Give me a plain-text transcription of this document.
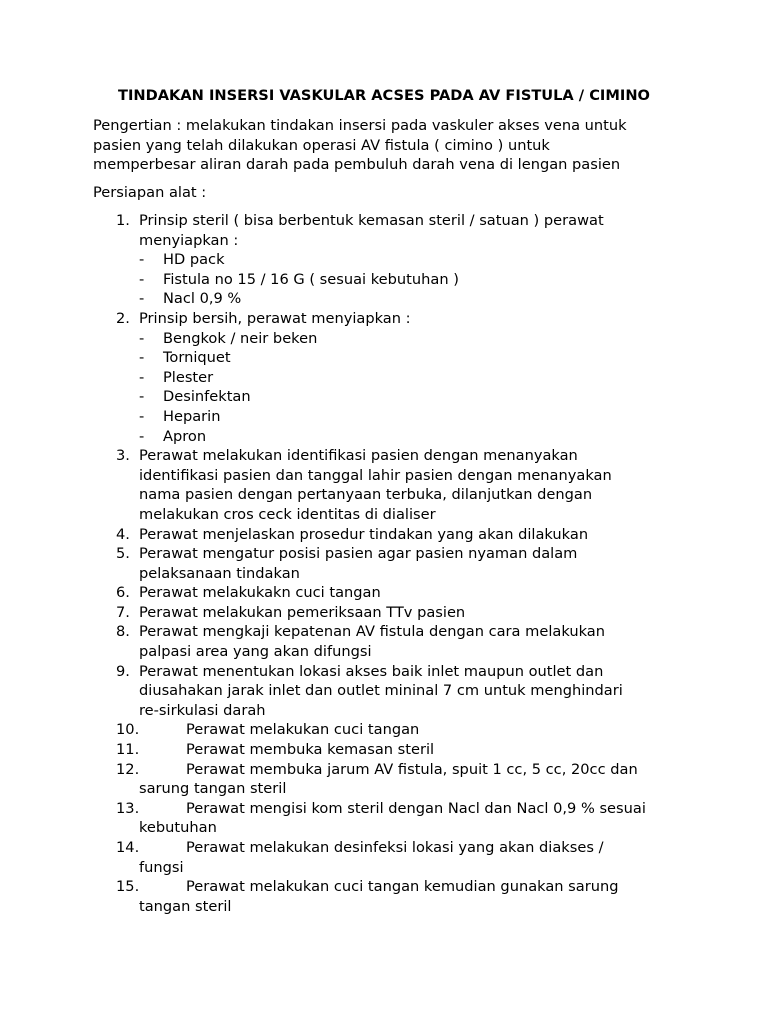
TINDAKAN INSERSI VASKULAR ACSES PADA AV FISTULA / CIMINO
Pengertian : melakukan tindakan insersi pada vaskuler akses vena untuk
pasien yang telah dilakukan operasi AV fistula ( cimino ) untuk
memperbesar aliran darah pada pembuluh darah vena di lengan pasien
Persiapan alat :
1. Prinsip steril ( bisa berbentuk kemasan steril / satuan ) perawat
menyiapkan :
- HD pack
- Fistula no 15 / 16 G ( sesuai kebutuhan )
- Nacl 0,9 %
2. Prinsip bersih, perawat menyiapkan :
- Bengkok / neir beken
- Torniquet
- Plester
- Desinfektan
- Heparin
- Apron
3. Perawat melakukan identifikasi pasien dengan menanyakan
identifikasi pasien dan tanggal lahir pasien dengan menanyakan
nama pasien dengan pertanyaan terbuka, dilanjutkan dengan
melakukan cros ceck identitas di dialiser
4. Perawat menjelaskan prosedur tindakan yang akan dilakukan
5. Perawat mengatur posisi pasien agar pasien nyaman dalam
pelaksanaan tindakan
6. Perawat melakukakn cuci tangan
7. Perawat melakukan pemeriksaan TTv pasien
8. Perawat mengkaji kepatenan AV fistula dengan cara melakukan
palpasi area yang akan difungsi
9. Perawat menentukan lokasi akses baik inlet maupun outlet dan
diusahakan jarak inlet dan outlet mininal 7 cm untuk menghindari
re-sirkulasi darah
10.	Perawat melakukan cuci tangan
11.	Perawat membuka kemasan steril
12.	Perawat membuka jarum AV fistula, spuit 1 cc, 5 cc, 20cc dan
sarung tangan steril
13.	Perawat mengisi kom steril dengan Nacl dan Nacl 0,9 % sesuai
kebutuhan
14.	Perawat melakukan desinfeksi lokasi yang akan diakses /
fungsi
15.	Perawat melakukan cuci tangan kemudian gunakan sarung
tangan steril
